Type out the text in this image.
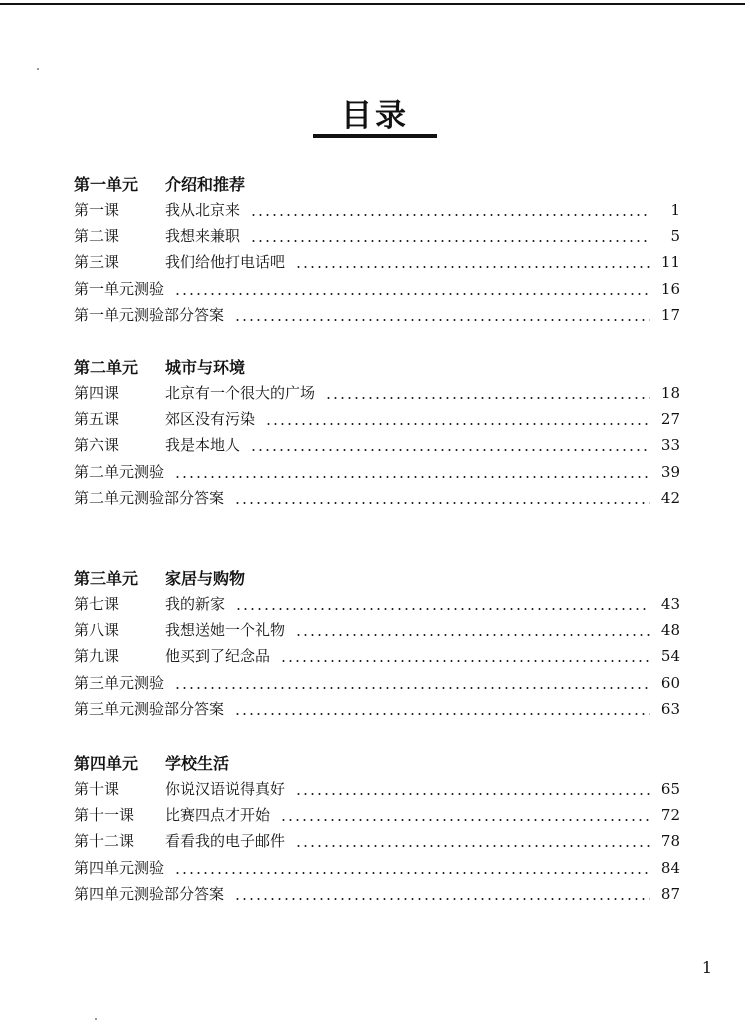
目录
第一单元 介绍和推荐
第一课	我从北京来	1
第二课	我想来兼职	5
第三课	我们给他打电话吧	11
第一单元测验	16
第一单元测验部分答案	17
第二单元 城市与环境
第四课	北京有一个很大的广场	18
第五课	郊区没有污染	27
第六课	我是本地人	33
第二单元测验	39
第二单元测验部分答案	42
第三单元 家居与购物
第七课	我的新家	43
第八课	我想送她一个礼物	48
第九课	他买到了纪念品	54
第三单元测验	60
第三单元测验部分答案	63
第四单元 学校生活
第十课	你说汉语说得真好	65
第十一课 比赛四点才开始	72
第十二课 看看我的电子邮件	78
第四单元测验	84
第四单元测验部分答案	87
1
